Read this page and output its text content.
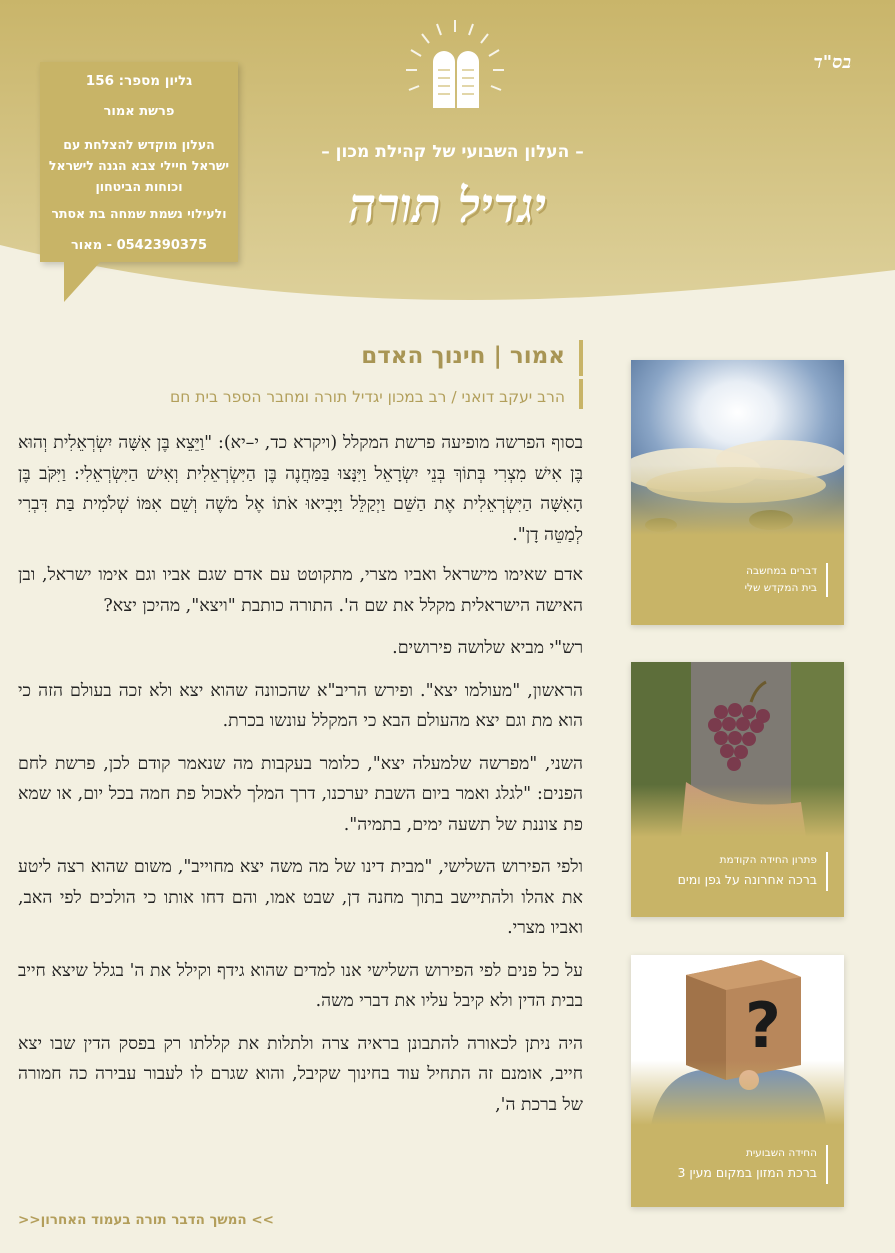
בס"ד
– העלון השבועי של קהילת מכון –
יגדיל תורה

גליון מספר: 156

פרשת אמור

העלון מוקדש להצלחת עם ישראל חיילי צבא הגנה לישראל וכוחות הביטחון

ולעילוי נשמת שמחה בת אסתר

0542390375 - מאור

אמור | חינוך האדם
הרב יעקב דואני / רב במכון יגדיל תורה ומחבר הספר בית חם

בסוף הפרשה מופיעה פרשת המקלל (ויקרא כד, י–יא): "וַיֵּצֵא בֶּן אִשָּׁה יִשְׂרְאֵלִית וְהוּא בֶּן אִישׁ מִצְרִי בְּתוֹךְ בְּנֵי יִשְׂרָאֵל וַיִּנָּצוּ בַּמַּחֲנֶה בֶּן הַיִּשְׂרְאֵלִית וְאִישׁ הַיִּשְׂרְאֵלִי: וַיִּקֹּב בֶּן הָאִשָּׁה הַיִּשְׂרְאֵלִית אֶת הַשֵּׁם וַיְקַלֵּל וַיָּבִיאוּ אֹתוֹ אֶל מֹשֶׁה וְשֵׁם אִמּוֹ שְׁלֹמִית בַּת דִּבְרִי לְמַטֵּה דָן".

אדם שאימו מישראל ואביו מצרי, מתקוטט עם אדם שגם אביו וגם אימו ישראל, ובן האישה הישראלית מקלל את שם ה'. התורה כותבת "ויצא", מהיכן יצא?

רש"י מביא שלושה פירושים.

הראשון, "מעולמו יצא". ופירש הריב"א שהכוונה שהוא יצא ולא זכה בעולם הזה כי הוא מת וגם יצא מהעולם הבא כי המקלל עונשו בכרת.

השני, "מפרשה שלמעלה יצא", כלומר בעקבות מה שנאמר קודם לכן, פרשת לחם הפנים: "לגלג ואמר ביום השבת יערכנו, דרך המלך לאכול פת חמה בכל יום, או שמא פת צוננת של תשעה ימים, בתמיה".

ולפי הפירוש השלישי, "מבית דינו של מה משה יצא מחוייב", משום שהוא רצה ליטע את אהלו ולהתיישב בתוך מחנה דן, שבט אמו, והם דחו אותו כי הולכים לפי האב, ואביו מצרי.

על כל פנים לפי הפירוש השלישי אנו למדים שהוא גידף וקילל את ה' בגלל שיצא חייב בבית הדין ולא קיבל עליו את דברי משה.

היה ניתן לכאורה להתבונן בראיה צרה ולתלות את קללתו רק בפסק הדין שבו יצא חייב, אומנם זה התחיל עוד בחינוך שקיבל, והוא שגרם לו לעבור עבירה כה חמורה של ברכת ה',

>> המשך הדבר תורה בעמוד האחרון<<
דברים במחשבה
בית המקדש שלי
פתרון החידה הקודמת
ברכה אחרונה על גפן ומים
החידה השבועית
ברכת המזון במקום מעין 3
